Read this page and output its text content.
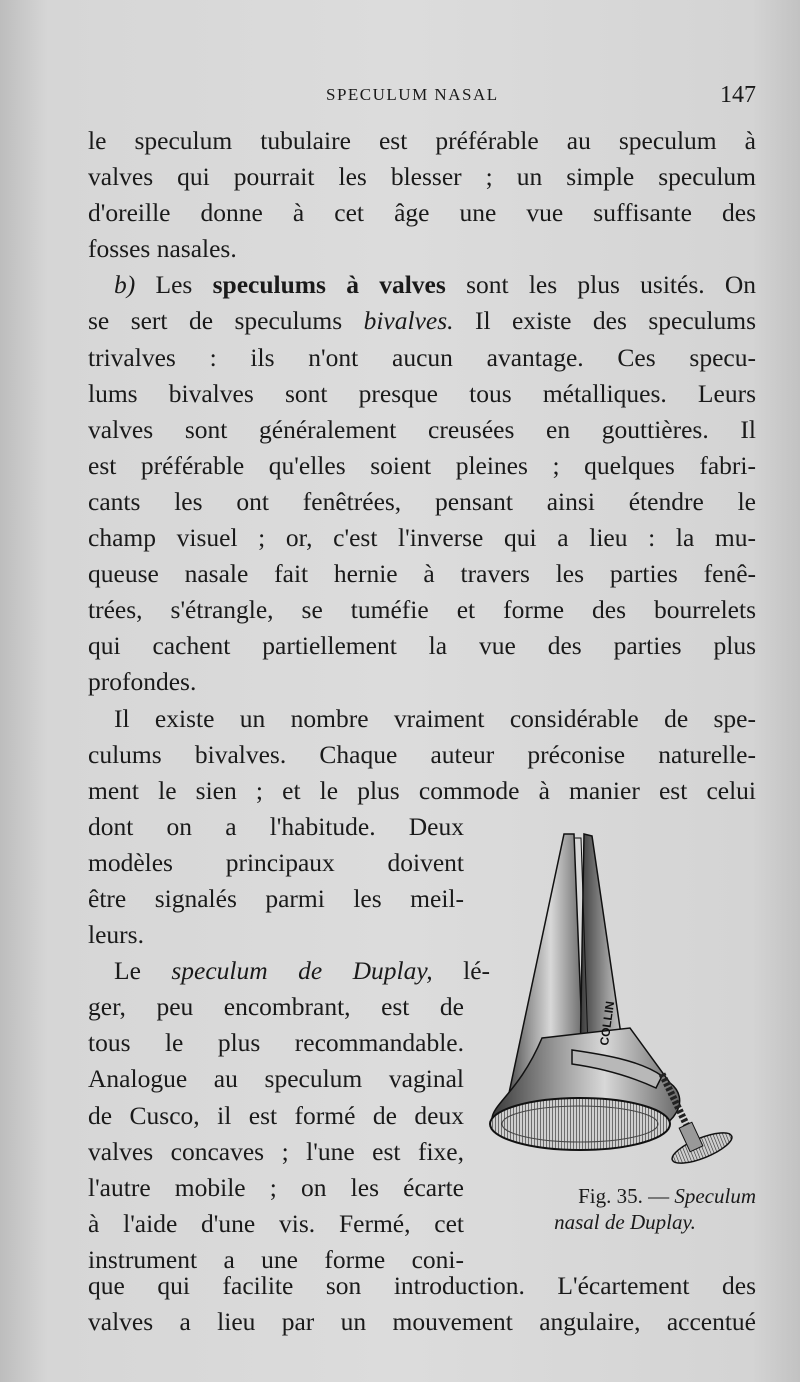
SPECULUM NASAL	147
le speculum tubulaire est préférable au speculum à
valves qui pourrait les blesser ; un simple speculum
d'oreille donne à cet âge une vue suffisante des
fosses nasales.
b) Les speculums à valves sont les plus usités. On
se sert de speculums bivalves. Il existe des speculums
trivalves : ils n'ont aucun avantage. Ces specu-
lums bivalves sont presque tous métalliques. Leurs
valves sont généralement creusées en gouttières. Il
est préférable qu'elles soient pleines ; quelques fabri-
cants les ont fenêtrées, pensant ainsi étendre le
champ visuel ; or, c'est l'inverse qui a lieu : la mu-
queuse nasale fait hernie à travers les parties fenê-
trées, s'étrangle, se tuméfie et forme des bourrelets
qui cachent partiellement la vue des parties plus
profondes.
Il existe un nombre vraiment considérable de spe-
culums bivalves. Chaque auteur préconise naturelle-
ment le sien ; et le plus commode à manier est celui
dont on a l'habitude. Deux
modèles principaux doivent
être signalés parmi les meil-
leurs.
Le speculum de Duplay, lé-
ger, peu encombrant, est de
tous le plus recommandable.
Analogue au speculum vaginal
de Cusco, il est formé de deux
valves concaves ; l'une est fixe,
l'autre mobile ; on les écarte
à l'aide d'une vis. Fermé, cet
instrument a une forme coni-
COLLIN
Fig. 35. — Speculum
nasal de Duplay.
que qui facilite son introduction. L'écartement des
valves a lieu par un mouvement angulaire, accentué
